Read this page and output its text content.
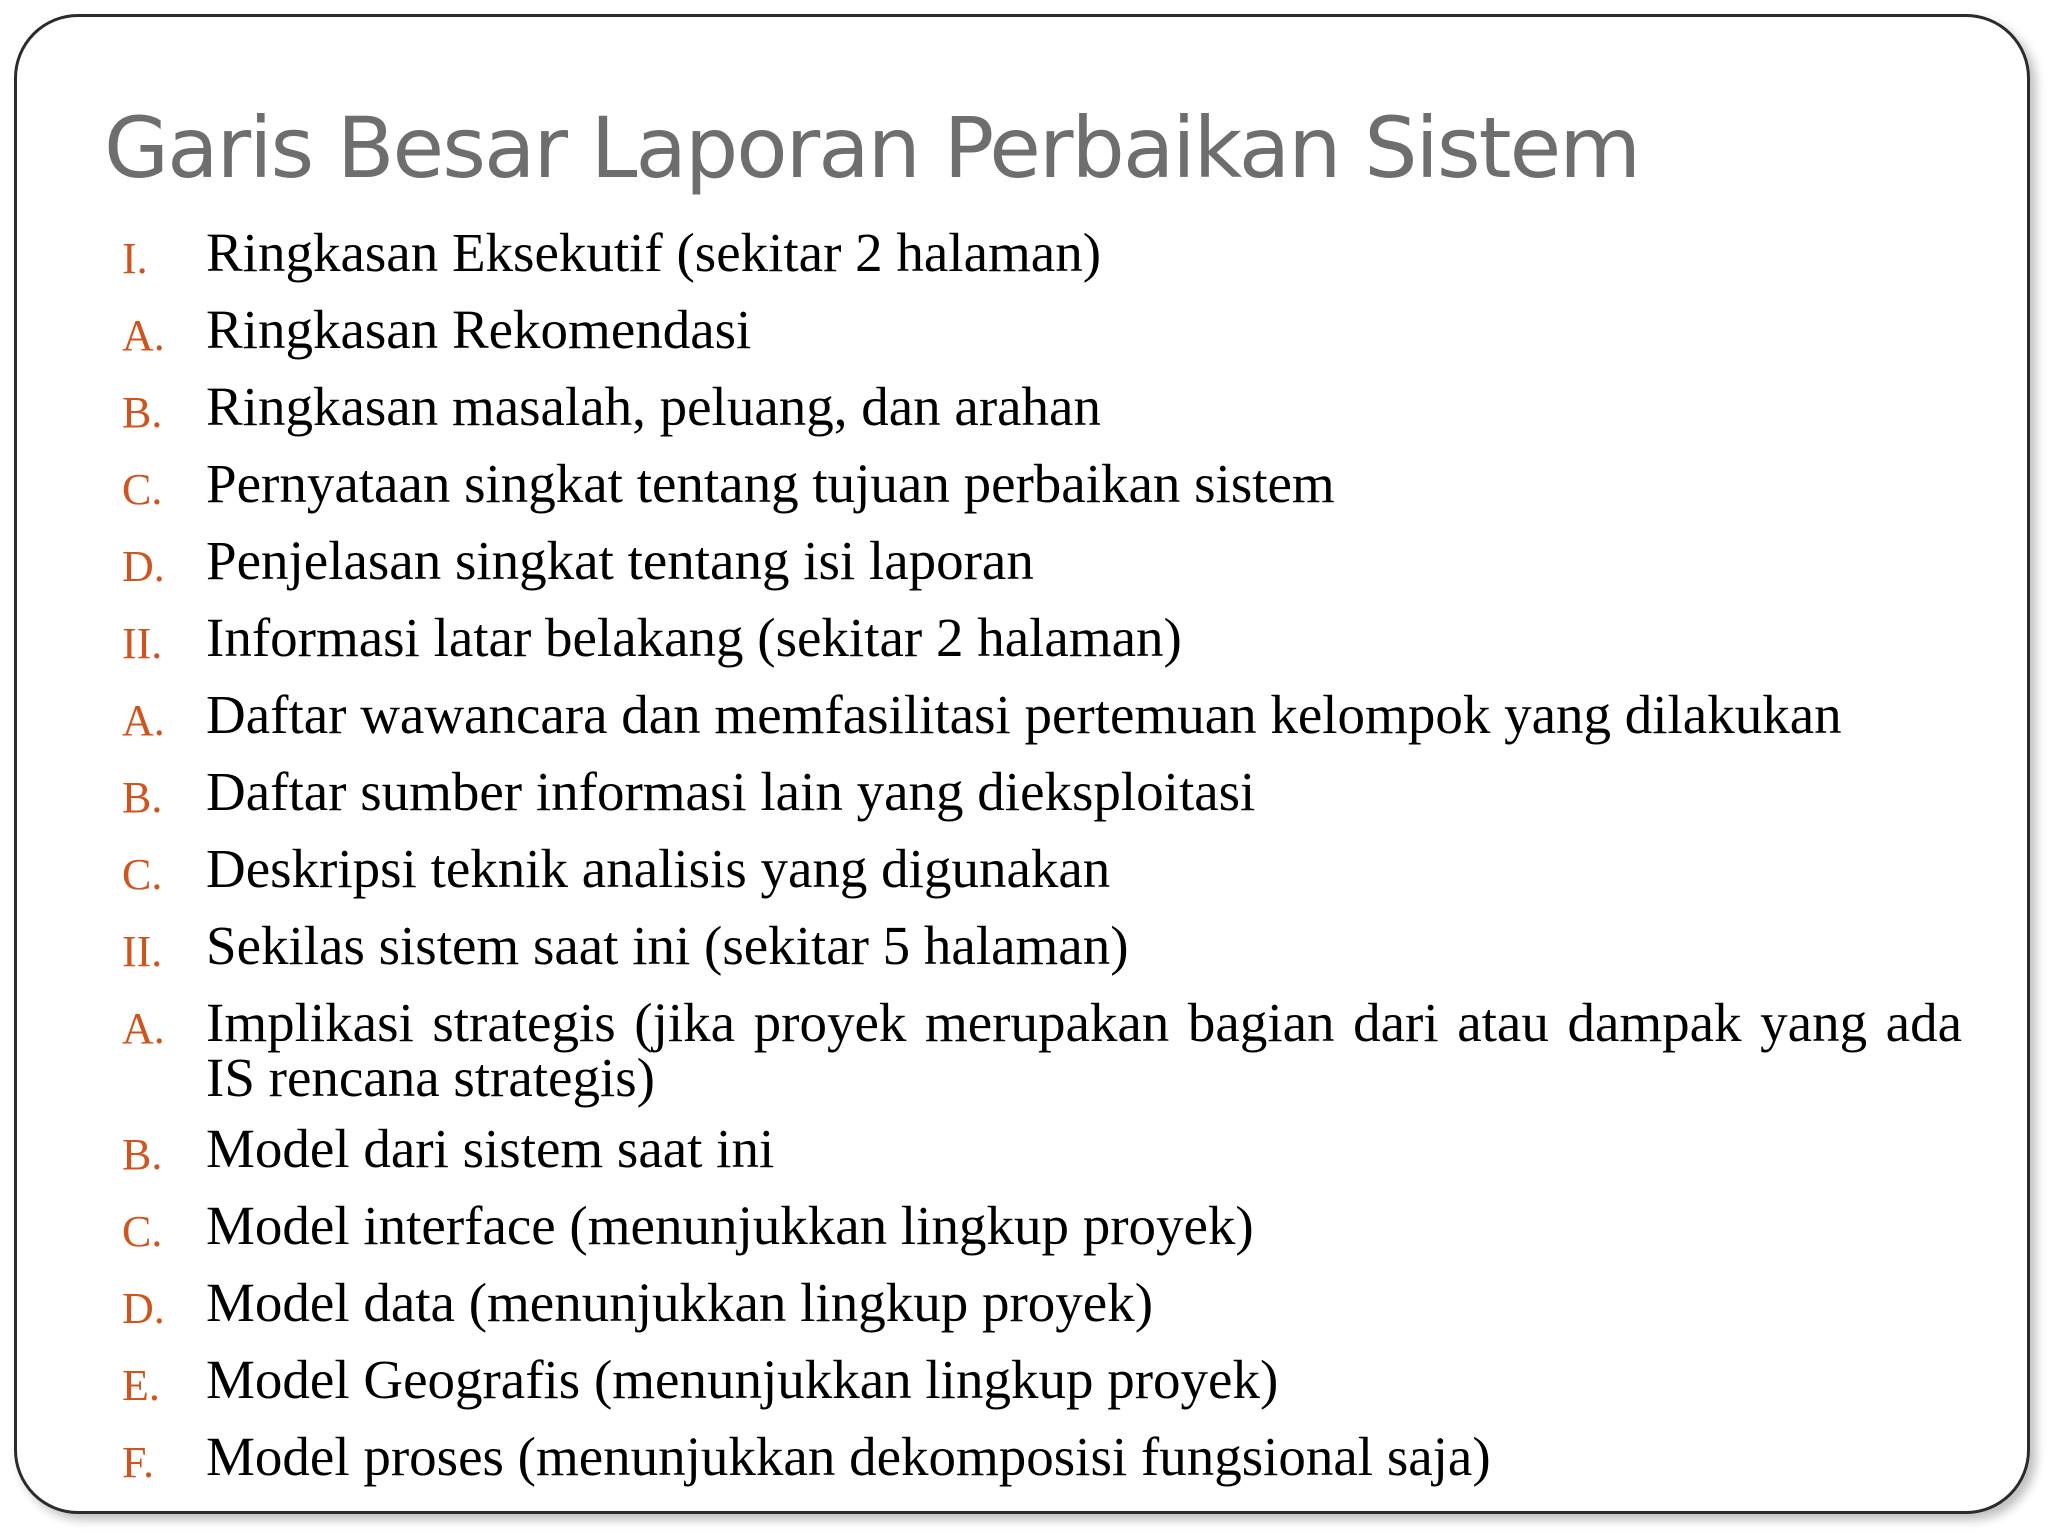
Garis Besar Laporan Perbaikan Sistem
I.	Ringkasan Eksekutif (sekitar 2 halaman)
A. Ringkasan Rekomendasi
B. Ringkasan masalah, peluang, dan arahan
C. Pernyataan singkat tentang tujuan perbaikan sistem
D. Penjelasan singkat tentang isi laporan
II. Informasi latar belakang (sekitar 2 halaman)
A. Daftar wawancara dan memfasilitasi pertemuan kelompok yang dilakukan
B. Daftar sumber informasi lain yang dieksploitasi
C. Deskripsi teknik analisis yang digunakan
II. Sekilas sistem saat ini (sekitar 5 halaman)
A. Implikasi strategis (jika proyek merupakan bagian dari atau dampak yang ada IS rencana strategis)
B. Model dari sistem saat ini
C. Model interface (menunjukkan lingkup proyek)
D. Model data (menunjukkan lingkup proyek)
E. Model Geografis (menunjukkan lingkup proyek)
F. Model proses (menunjukkan dekomposisi fungsional saja)
